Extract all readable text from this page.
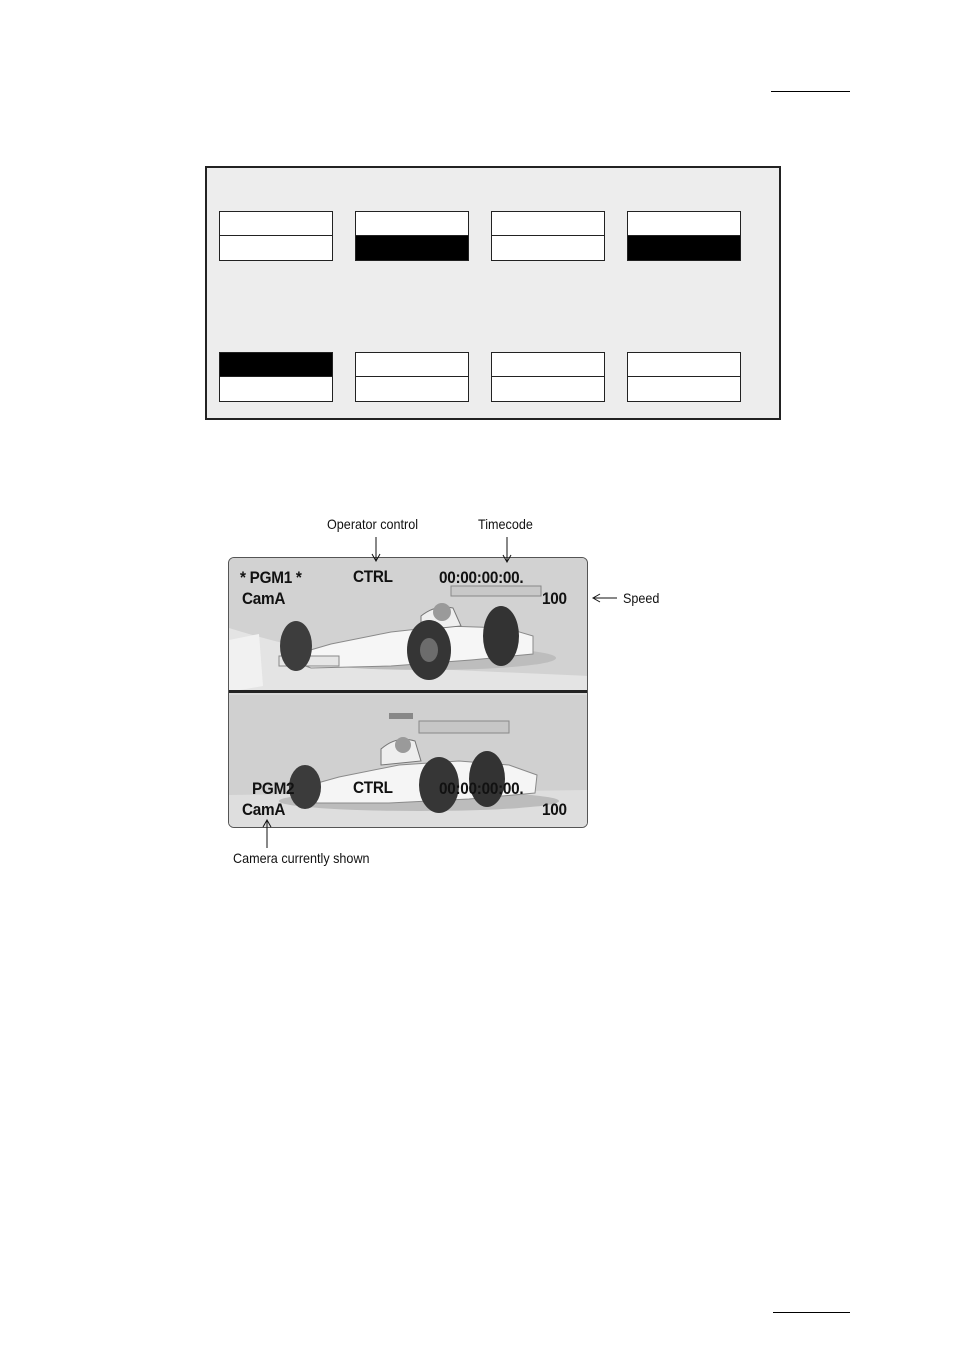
* PGM1 *
CamA
CTRL	00:00:00:00.
100
PGM2
CamA
CTRL	00:00:00:00.
100
Operator control	Timecode
Speed
Camera currently shown
